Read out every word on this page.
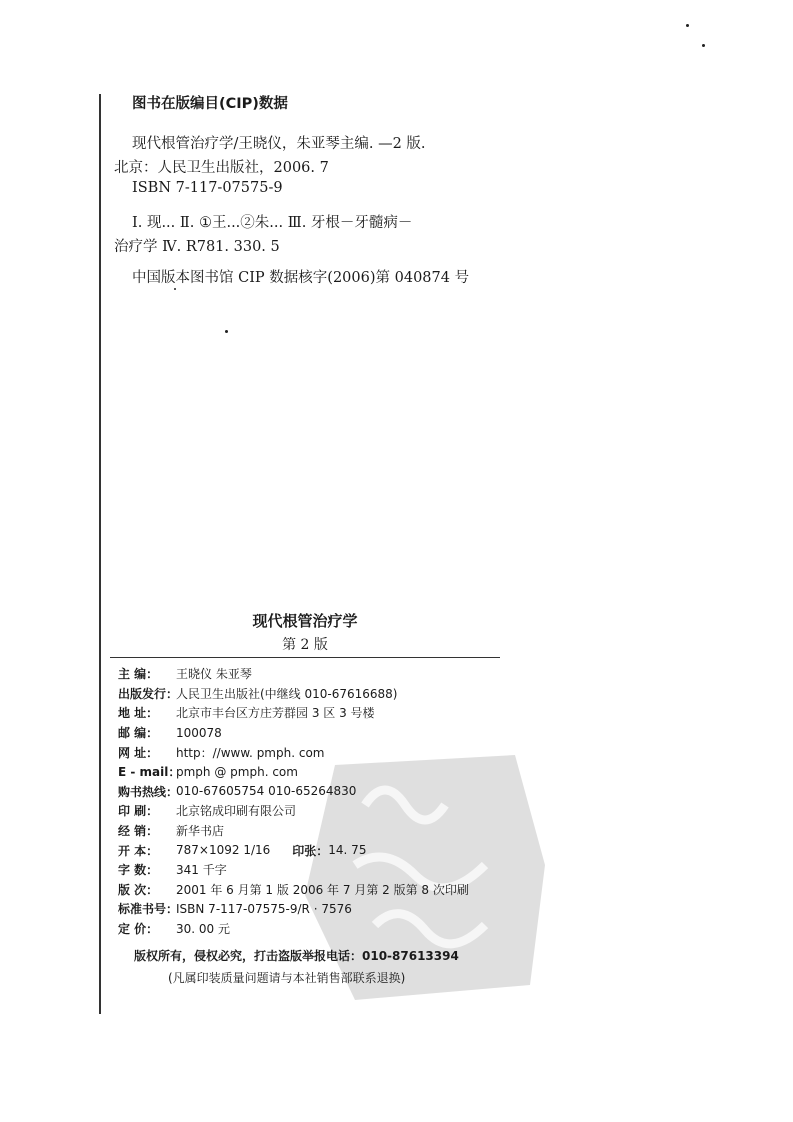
图书在版编目(CIP)数据
现代根管治疗学/王晓仪，朱亚琴主编. —2 版.
北京：人民卫生出版社，2006. 7
ISBN 7-117-07575-9
Ⅰ. 现... Ⅱ. ①王...②朱... Ⅲ. 牙根－牙髓病－
治疗学 Ⅳ. R781. 330. 5
中国版本图书馆 CIP 数据核字(2006)第 040874 号
现代根管治疗学
第 2 版
主 编：	王晓仪 朱亚琴
出版发行：
人民卫生出版社(中继线 010-67616688)
地 址：	北京市丰台区方庄芳群园 3 区 3 号楼
邮 编：	100078
网 址：	http：//www. pmph. com
E - mail：
pmph @ pmph. com
购书热线：
010-67605754 010-65264830
印 刷：	北京铭成印刷有限公司
经 销：	新华书店
开 本：	787×1092 1/16 印张： 14. 75
字 数：	341 千字
版 次：	2001 年 6 月第 1 版 2006 年 7 月第 2 版第 8 次印刷
标准书号：
ISBN 7-117-07575-9/R · 7576
定 价：	30. 00 元
版权所有，侵权必究，打击盗版举报电话：010-87613394
(凡属印装质量问题请与本社销售部联系退换)
